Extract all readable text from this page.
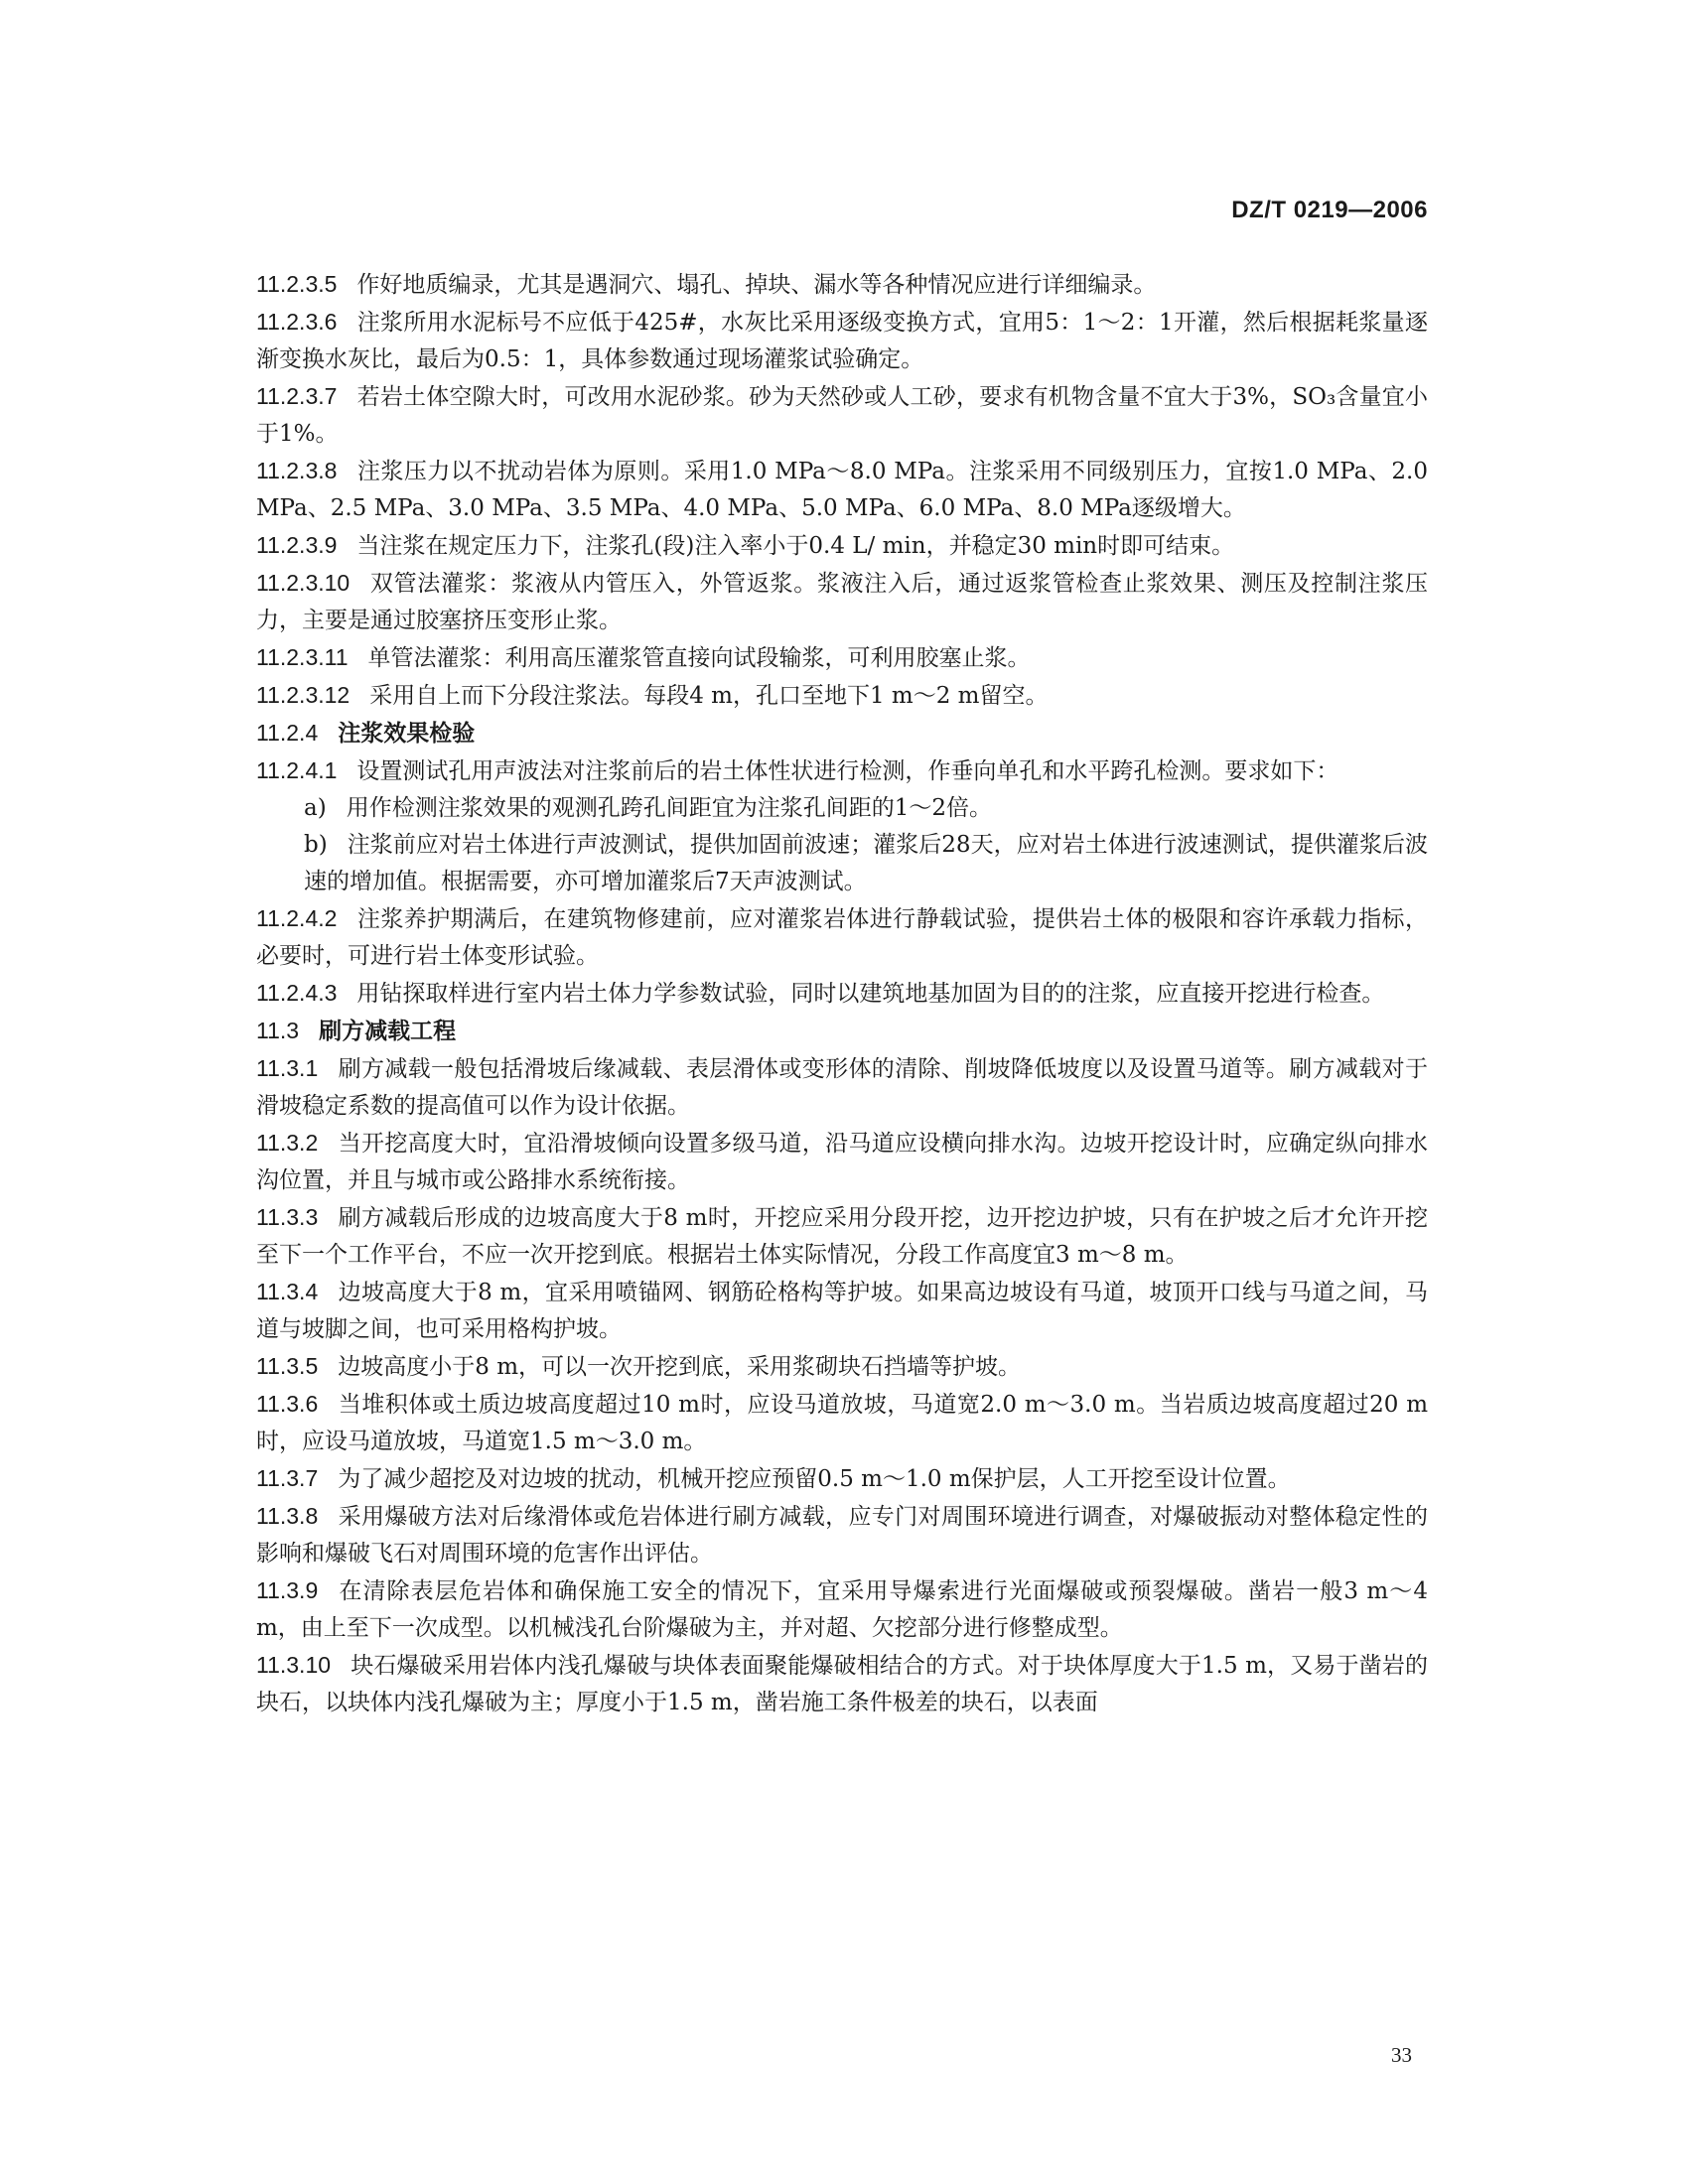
DZ/T 0219—2006

11.2.3.5 作好地质编录，尤其是遇洞穴、塌孔、掉块、漏水等各种情况应进行详细编录。

11.2.3.6 注浆所用水泥标号不应低于425#，水灰比采用逐级变换方式，宜用5：1～2：1开灌，然后根据耗浆量逐渐变换水灰比，最后为0.5：1，具体参数通过现场灌浆试验确定。

11.2.3.7 若岩土体空隙大时，可改用水泥砂浆。砂为天然砂或人工砂，要求有机物含量不宜大于3%，SO₃含量宜小于1%。

11.2.3.8 注浆压力以不扰动岩体为原则。采用1.0 MPa～8.0 MPa。注浆采用不同级别压力，宜按1.0 MPa、2.0 MPa、2.5 MPa、3.0 MPa、3.5 MPa、4.0 MPa、5.0 MPa、6.0 MPa、8.0 MPa逐级增大。

11.2.3.9 当注浆在规定压力下，注浆孔(段)注入率小于0.4 L/ min，并稳定30 min时即可结束。

11.2.3.10 双管法灌浆：浆液从内管压入，外管返浆。浆液注入后，通过返浆管检查止浆效果、测压及控制注浆压力，主要是通过胶塞挤压变形止浆。

11.2.3.11 单管法灌浆：利用高压灌浆管直接向试段输浆，可利用胶塞止浆。

11.2.3.12 采用自上而下分段注浆法。每段4 m，孔口至地下1 m～2 m留空。

11.2.4 注浆效果检验

11.2.4.1 设置测试孔用声波法对注浆前后的岩土体性状进行检测，作垂向单孔和水平跨孔检测。要求如下：

a) 用作检测注浆效果的观测孔跨孔间距宜为注浆孔间距的1～2倍。

b) 注浆前应对岩土体进行声波测试，提供加固前波速；灌浆后28天，应对岩土体进行波速测试，提供灌浆后波速的增加值。根据需要，亦可增加灌浆后7天声波测试。

11.2.4.2 注浆养护期满后，在建筑物修建前，应对灌浆岩体进行静载试验，提供岩土体的极限和容许承载力指标，必要时，可进行岩土体变形试验。

11.2.4.3 用钻探取样进行室内岩土体力学参数试验，同时以建筑地基加固为目的的注浆，应直接开挖进行检查。

11.3 刷方减载工程

11.3.1 刷方减载一般包括滑坡后缘减载、表层滑体或变形体的清除、削坡降低坡度以及设置马道等。刷方减载对于滑坡稳定系数的提高值可以作为设计依据。

11.3.2 当开挖高度大时，宜沿滑坡倾向设置多级马道，沿马道应设横向排水沟。边坡开挖设计时，应确定纵向排水沟位置，并且与城市或公路排水系统衔接。

11.3.3 刷方减载后形成的边坡高度大于8 m时，开挖应采用分段开挖，边开挖边护坡，只有在护坡之后才允许开挖至下一个工作平台，不应一次开挖到底。根据岩土体实际情况，分段工作高度宜3 m～8 m。

11.3.4 边坡高度大于8 m，宜采用喷锚网、钢筋砼格构等护坡。如果高边坡设有马道，坡顶开口线与马道之间，马道与坡脚之间，也可采用格构护坡。

11.3.5 边坡高度小于8 m，可以一次开挖到底，采用浆砌块石挡墙等护坡。

11.3.6 当堆积体或土质边坡高度超过10 m时，应设马道放坡，马道宽2.0 m～3.0 m。当岩质边坡高度超过20 m时，应设马道放坡，马道宽1.5 m～3.0 m。

11.3.7 为了减少超挖及对边坡的扰动，机械开挖应预留0.5 m～1.0 m保护层，人工开挖至设计位置。

11.3.8 采用爆破方法对后缘滑体或危岩体进行刷方减载，应专门对周围环境进行调查，对爆破振动对整体稳定性的影响和爆破飞石对周围环境的危害作出评估。

11.3.9 在清除表层危岩体和确保施工安全的情况下，宜采用导爆索进行光面爆破或预裂爆破。凿岩一般3 m～4 m，由上至下一次成型。以机械浅孔台阶爆破为主，并对超、欠挖部分进行修整成型。

11.3.10 块石爆破采用岩体内浅孔爆破与块体表面聚能爆破相结合的方式。对于块体厚度大于1.5 m，又易于凿岩的块石，以块体内浅孔爆破为主；厚度小于1.5 m，凿岩施工条件极差的块石，以表面

33
